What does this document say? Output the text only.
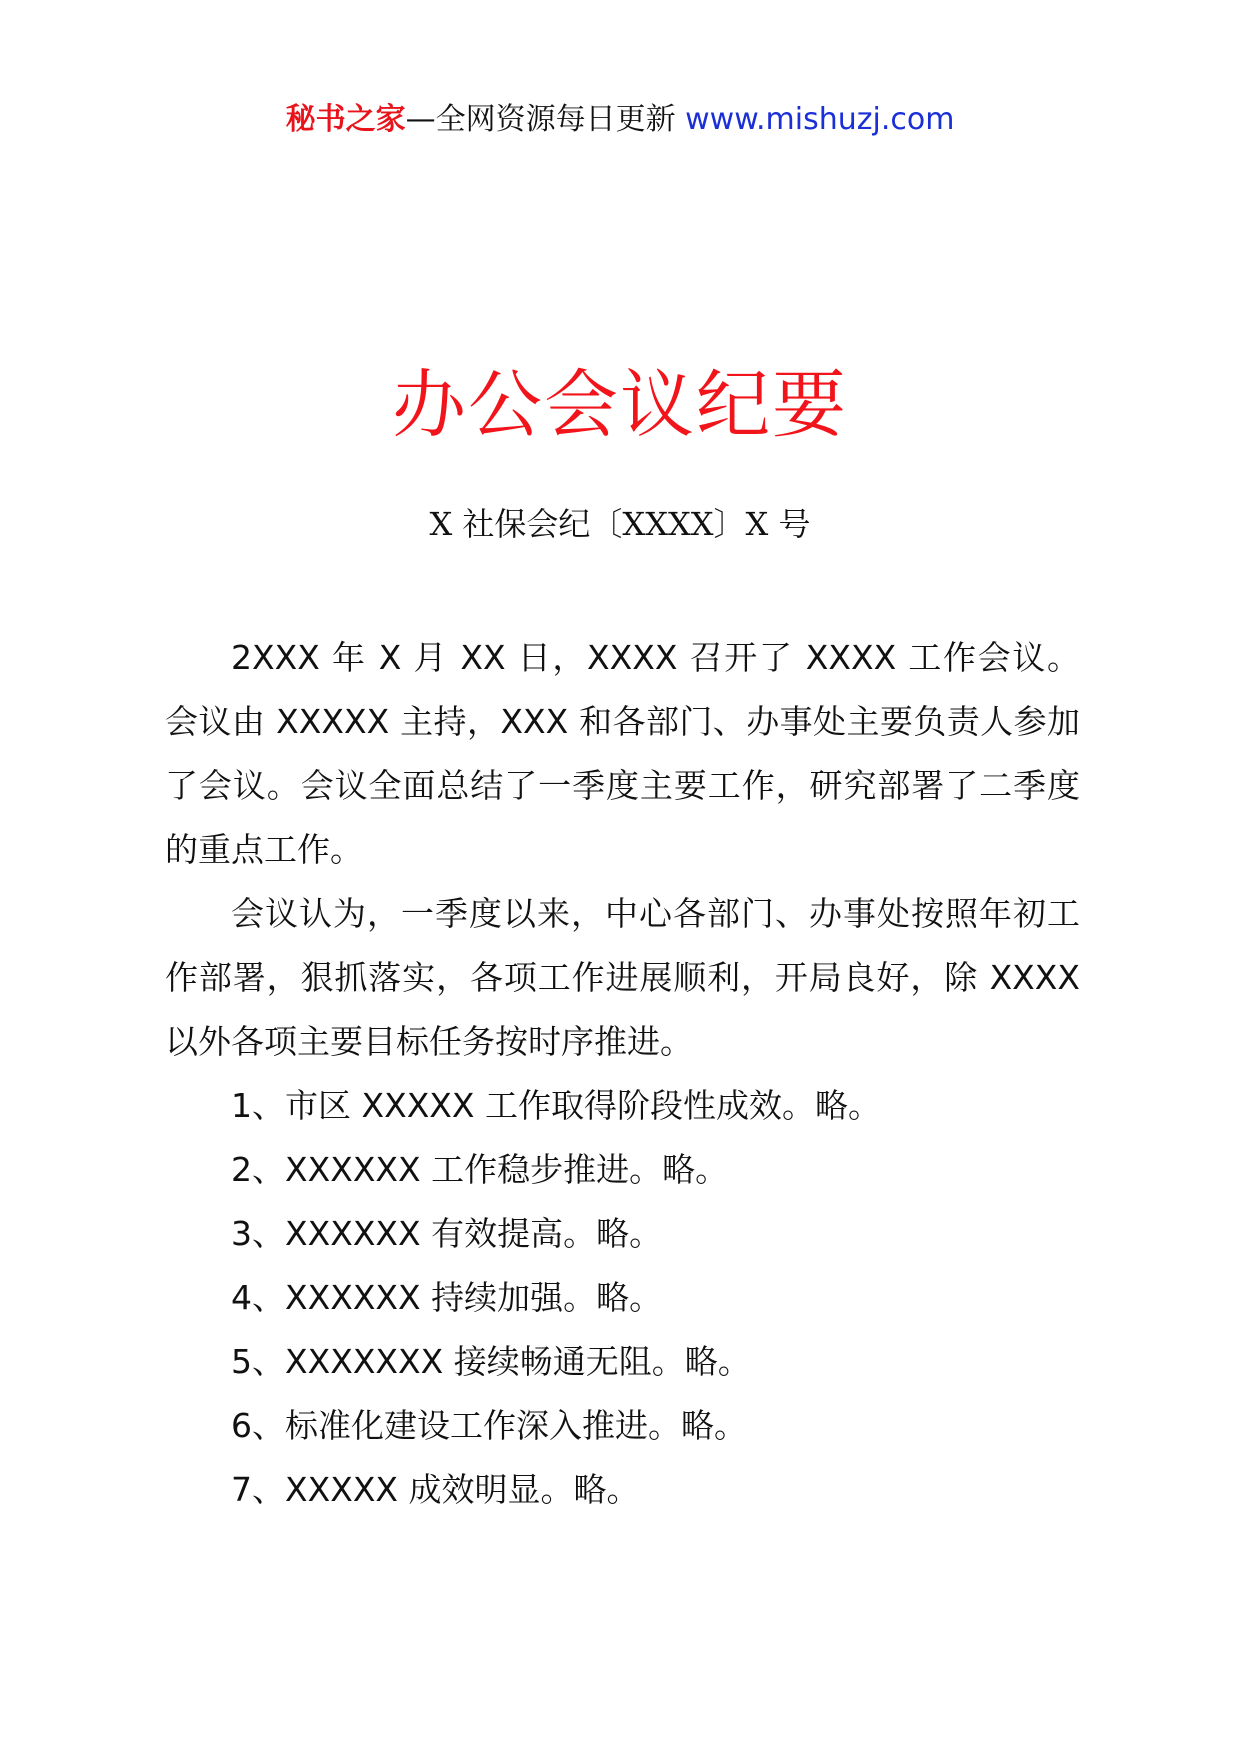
秘书之家—全网资源每日更新 www.mishuzj.com
办公会议纪要
X 社保会纪〔XXXX〕X 号

2XXX 年 X 月 XX 日，XXXX 召开了 XXXX 工作会议。会议由 XXXXX 主持，XXX 和各部门、办事处主要负责人参加了会议。会议全面总结了一季度主要工作，研究部署了二季度的重点工作。

会议认为，一季度以来，中心各部门、办事处按照年初工作部署，狠抓落实，各项工作进展顺利，开局良好，除 XXXX 以外各项主要目标任务按时序推进。

1、市区 XXXXX 工作取得阶段性成效。略。

2、XXXXXX 工作稳步推进。略。

3、XXXXXX 有效提高。略。

4、XXXXXX 持续加强。略。

5、XXXXXXX 接续畅通无阻。略。

6、标准化建设工作深入推进。略。

7、XXXXX 成效明显。略。
